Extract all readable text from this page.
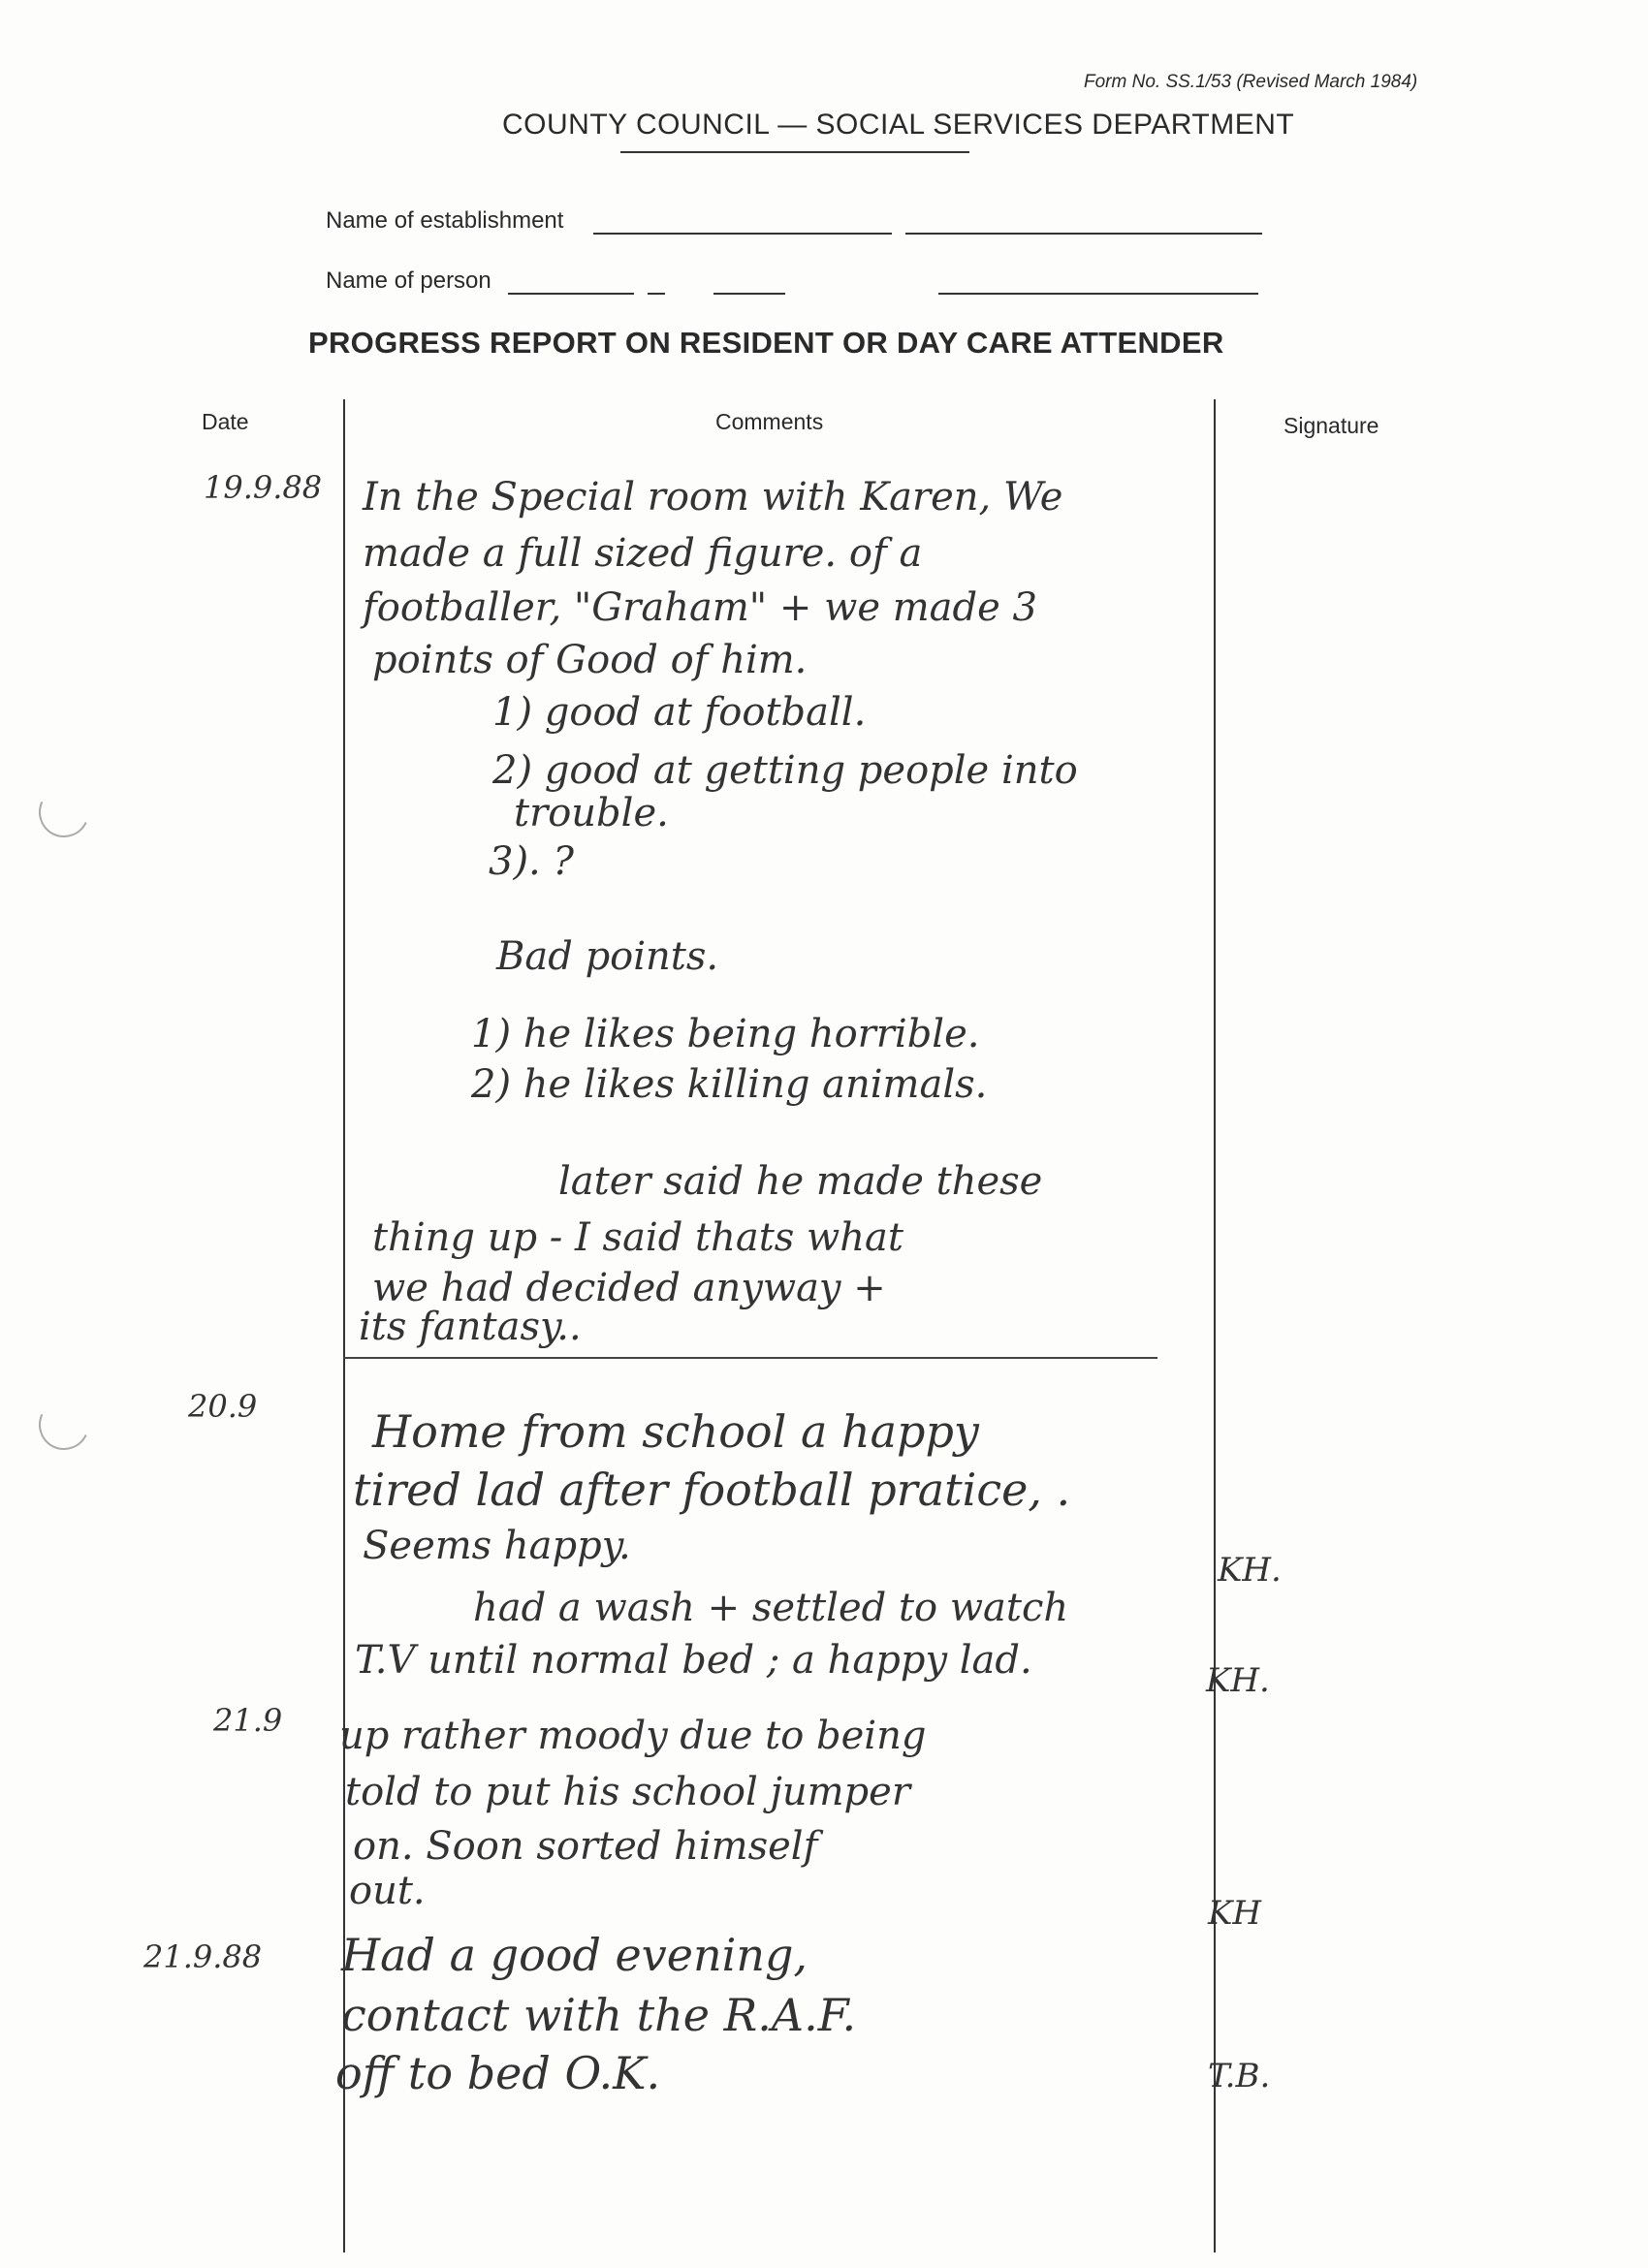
Form No. SS.1/53 (Revised March 1984)
COUNTY COUNCIL — SOCIAL SERVICES DEPARTMENT
Name of establishment
Name of person
PROGRESS REPORT ON RESIDENT OR DAY CARE ATTENDER
Date	Comments	Signature
19.9.88 In the Special room with Karen, We
made a full sized figure. of a
footballer, "Graham" + we made 3
points of Good of him.
1) good at football.
2) good at getting people into
trouble.
3). ?
Bad points.
1) he likes being horrible.
2) he likes killing animals.
later said he made these
thing up - I said thats what
we had decided anyway +
its fantasy..
20.9	Home from school a happy
tired lad after football pratice, .
Seems happy.
had a wash + settled to watch
T.V until normal bed ; a happy lad.
KH.
KH.
21.9 up rather moody due to being
told to put his school jumper
on. Soon sorted himself
out.	KH
21.9.88 Had a good evening,
contact with the R.A.F.
off to bed O.K.	T.B.
